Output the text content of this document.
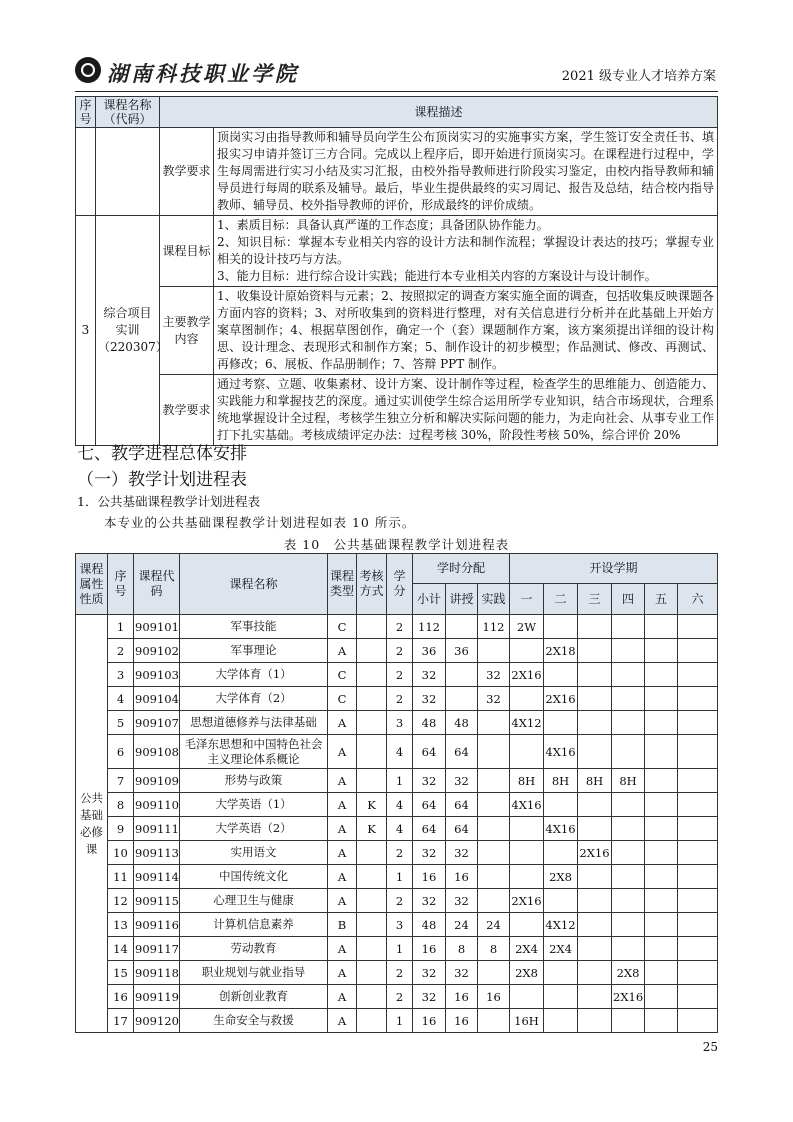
湖南科技职业学院	2021 级专业人才培养方案
序号	课程名称（代码）	课程描述	
		教学要求	顶岗实习由指导教师和辅导员向学生公布顶岗实习的实施事实方案，学生签订安全责任书、填报实习申请并签订三方合同。完成以上程序后，即开始进行顶岗实习。在课程进行过程中，学生每周需进行实习小结及实习汇报，由校外指导教师进行阶段实习鉴定，由校内指导教师和辅导员进行每周的联系及辅导。最后，毕业生提供最终的实习周记、报告及总结，结合校内指导教师、辅导员、校外指导教师的评价，形成最终的评价成绩。
3	综合项目实训（220307）	课程目标	1、素质目标：具备认真严谨的工作态度；具备团队协作能力。
2、知识目标：掌握本专业相关内容的设计方法和制作流程；掌握设计表达的技巧；掌握专业相关的设计技巧与方法。
3、能力目标：进行综合设计实践；能进行本专业相关内容的方案设计与设计制作。
		主要教学内容	1、收集设计原始资料与元素；2、按照拟定的调查方案实施全面的调查，包括收集反映课题各方面内容的资料；3、对所收集到的资料进行整理，对有关信息进行分析并在此基础上开始方案草图制作；4、根据草图创作，确定一个（套）课题制作方案，该方案须提出详细的设计构思、设计理念、表现形式和制作方案；5、制作设计的初步模型；作品测试、修改、再测试、再修改；6、展板、作品册制作；7、答辩 PPT 制作。
		教学要求	通过考察、立题、收集素材、设计方案、设计制作等过程，检查学生的思维能力、创造能力、实践能力和掌握技艺的深度。通过实训使学生综合运用所学专业知识，结合市场现状，合理系统地掌握设计全过程，考核学生独立分析和解决实际问题的能力，为走向社会、从事专业工作打下扎实基础。考核成绩评定办法：过程考核 30%，阶段性考核 50%，综合评价 20%
七、教学进程总体安排
（一）教学计划进程表
1．公共基础课程教学计划进程表
本专业的公共基础课程教学计划进程如表 10 所示。
表 10　公共基础课程教学计划进程表
课程属性性质	序号	课程代码	课程名称	课程类型	考核方式	学分	学时分配			开设学期					
							小计	讲授	实践	一	二	三	四	五	六
公共基础必修课	1	909101	军事技能	C		2	112		112	2W					
	2	909102	军事理论	A		2	36	36			2X18				
	3	909103	大学体育（1）	C		2	32		32	2X16					
	4	909104	大学体育（2）	C		2	32		32		2X16				
	5	909107	思想道德修养与法律基础	A		3	48	48		4X12					
	6	909108	毛泽东思想和中国特色社会主义理论体系概论	A		4	64	64			4X16				
	7	909109	形势与政策	A		1	32	32		8H	8H	8H	8H		
	8	909110	大学英语（1）	A	K	4	64	64		4X16					
	9	909111	大学英语（2）	A	K	4	64	64			4X16				
	10	909113	实用语文	A		2	32	32				2X16			
	11	909114	中国传统文化	A		1	16	16			2X8				
	12	909115	心理卫生与健康	A		2	32	32		2X16					
	13	909116	计算机信息素养	B		3	48	24	24		4X12				
	14	909117	劳动教育	A		1	16	8	8	2X4	2X4				
	15	909118	职业规划与就业指导	A		2	32	32		2X8			2X8		
	16	909119	创新创业教育	A		2	32	16	16				2X16		
	17	909120	生命安全与救援	A		1	16	16		16H					
25
